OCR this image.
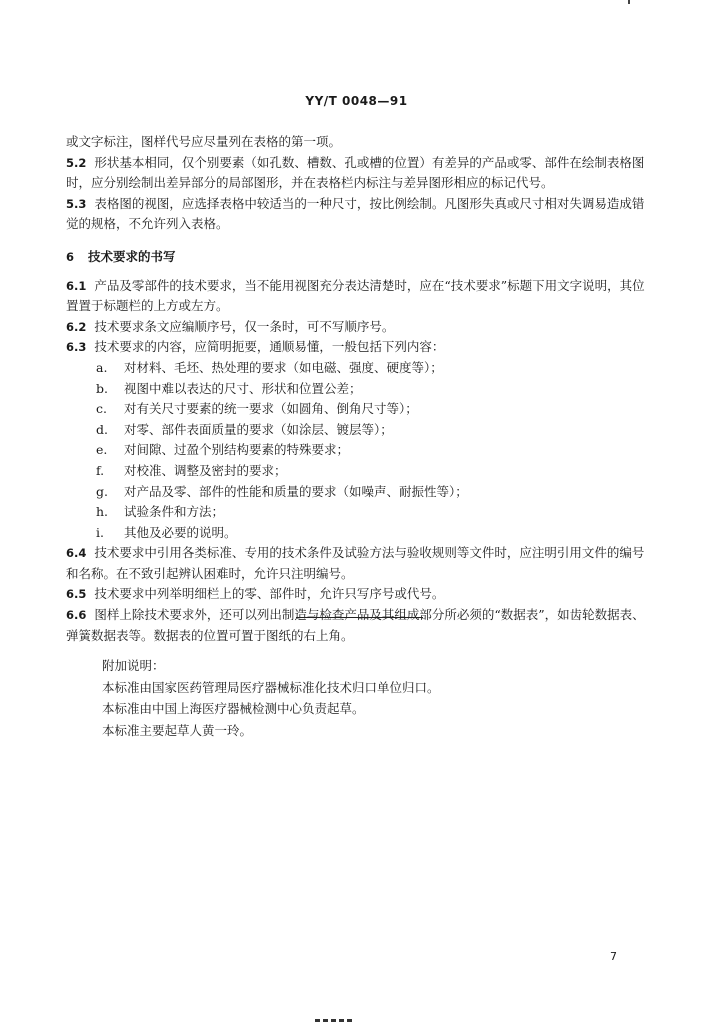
YY/T 0048—91
或文字标注，图样代号应尽量列在表格的第一项。
5.2 形状基本相同，仅个别要素（如孔数、槽数、孔或槽的位置）有差异的产品或零、部件在绘制表格图时，应分别绘制出差异部分的局部图形，并在表格栏内标注与差异图形相应的标记代号。
5.3 表格图的视图，应选择表格中较适当的一种尺寸，按比例绘制。凡图形失真或尺寸相对失调易造成错觉的规格，不允许列入表格。
6 技术要求的书写
6.1 产品及零部件的技术要求，当不能用视图充分表达清楚时，应在“技术要求”标题下用文字说明，其位置置于标题栏的上方或左方。
6.2 技术要求条文应编顺序号，仅一条时，可不写顺序号。
6.3 技术要求的内容，应简明扼要，通顺易懂，一般包括下列内容：
a. 对材料、毛坯、热处理的要求（如电磁、强度、硬度等）；
b. 视图中难以表达的尺寸、形状和位置公差；
c. 对有关尺寸要素的统一要求（如圆角、倒角尺寸等）；
d. 对零、部件表面质量的要求（如涂层、镀层等）；
e. 对间隙、过盈个别结构要素的特殊要求；
f. 对校准、调整及密封的要求；
g. 对产品及零、部件的性能和质量的要求（如噪声、耐振性等）；
h. 试验条件和方法；
i. 其他及必要的说明。
6.4 技术要求中引用各类标准、专用的技术条件及试验方法与验收规则等文件时，应注明引用文件的编号和名称。在不致引起辨认困难时，允许只注明编号。
6.5 技术要求中列举明细栏上的零、部件时，允许只写序号或代号。
6.6 图样上除技术要求外，还可以列出制造与检查产品及其组成部分所必须的“数据表”，如齿轮数据表、弹簧数据表等。数据表的位置可置于图纸的右上角。
附加说明：
本标准由国家医药管理局医疗器械标准化技术归口单位归口。
本标准由中国上海医疗器械检测中心负责起草。
本标准主要起草人黄一玲。
7
